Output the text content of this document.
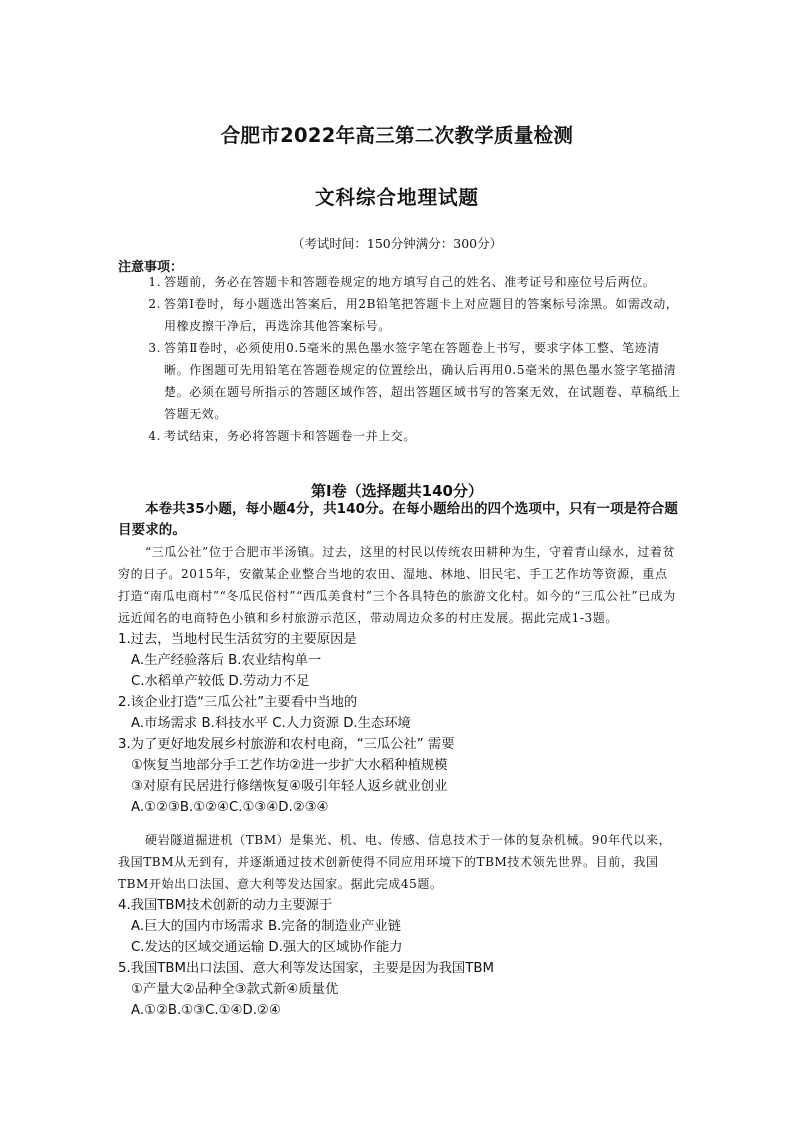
合肥市2022年高三第二次教学质量检测
文科综合地理试题
（考试时间：150分钟满分：300分）
注意事项：
1. 答题前，务必在答题卡和答题卷规定的地方填写自己的姓名、准考证号和座位号后两位。
2. 答第Ⅰ卷时，每小题选出答案后，用2B铅笔把答题卡上对应题目的答案标号涂黑。如需改动，用橡皮擦干净后，再选涂其他答案标号。
3. 答第Ⅱ卷时，必须使用0.5毫米的黑色墨水签字笔在答题卷上书写，要求字体工整、笔迹清晰。作图题可先用铅笔在答题卷规定的位置绘出，确认后再用0.5毫米的黑色墨水签字笔描清楚。必须在题号所指示的答题区域作答，超出答题区域书写的答案无效，在试题卷、草稿纸上答题无效。
4. 考试结束，务必将答题卡和答题卷一并上交。
第Ⅰ卷（选择题共140分）
本卷共35小题，每小题4分，共140分。在每小题给出的四个选项中，只有一项是符合题目要求的。
“三瓜公社”位于合肥市半汤镇。过去，这里的村民以传统农田耕种为生，守着青山绿水，过着贫穷的日子。2015年，安徽某企业整合当地的农田、湿地、林地、旧民宅、手工艺作坊等资源，重点打造“南瓜电商村”“冬瓜民俗村”“西瓜美食村”三个各具特色的旅游文化村。如今的“三瓜公社”已成为远近闻名的电商特色小镇和乡村旅游示范区，带动周边众多的村庄发展。据此完成1-3题。
1.过去，当地村民生活贫穷的主要原因是
A.生产经验落后 B.农业结构单一
C.水稻单产较低 D.劳动力不足
2.该企业打造“三瓜公社”主要看中当地的
A.市场需求 B.科技水平 C.人力资源 D.生态环境
3.为了更好地发展乡村旅游和农村电商，“三瓜公社” 需要
①恢复当地部分手工艺作坊②进一步扩大水稻种植规模
③对原有民居进行修缮恢复④吸引年轻人返乡就业创业
A.①②③B.①②④C.①③④D.②③④
硬岩隧道掘进机（TBM）是集光、机、电、传感、信息技术于一体的复杂机械。90年代以来，我国TBM从无到有，并逐渐通过技术创新使得不同应用环境下的TBM技术领先世界。目前，我国TBM开始出口法国、意大利等发达国家。据此完成45题。
4.我国TBM技术创新的动力主要源于
A.巨大的国内市场需求 B.完备的制造业产业链
C.发达的区域交通运输 D.强大的区域协作能力
5.我国TBM出口法国、意大利等发达国家，主要是因为我国TBM
①产量大②品种全③款式新④质量优
A.①②B.①③C.①④D.②④
